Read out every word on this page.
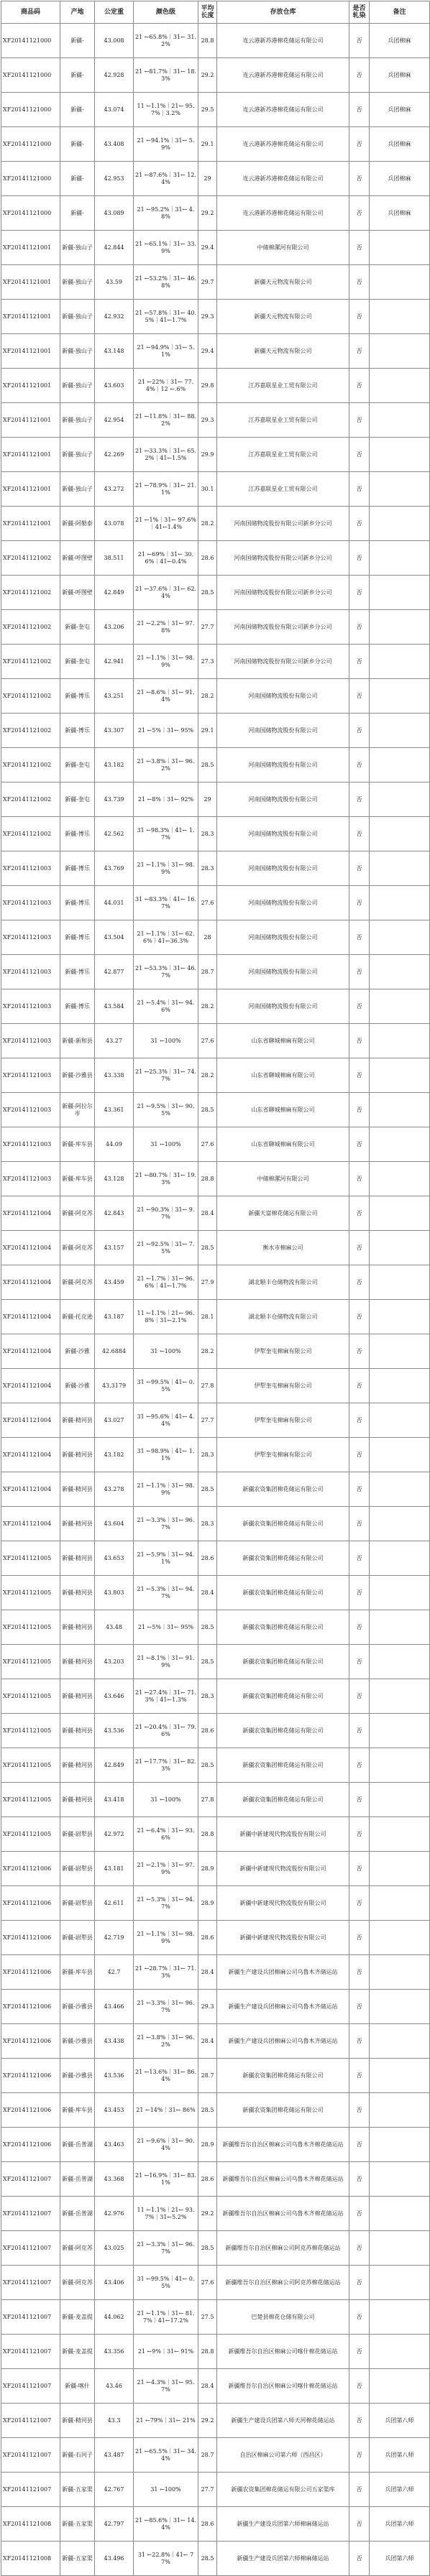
商品码	产地	公定重	颜色级	平均长度	存放仓库	是否轧染	备注
XF20141121000	新疆-	43.008	21 ←65.8%｜31← 31.2%	28.8	连云港新苏港棉花储运有限公司	否	兵团棉麻
XF20141121000	新疆-	42.928	21 ←81.7%｜31← 18.3%	29.2	连云港新苏港棉花储运有限公司	否	兵团棉麻
XF20141121000	新疆-	43.074	11 ←1.1%｜21← 95.7%｜3.2%	29.5	连云港新苏港棉花储运有限公司	否	兵团棉麻
XF20141121000	新疆-	43.408	21 ←94.1%｜31← 5.9%	29.1	连云港新苏港棉花储运有限公司	否	兵团棉麻
XF20141121000	新疆-	42.953	21 ←87.6%｜31← 12.4%	29	连云港新苏港棉花储运有限公司	否	兵团棉麻
XF20141121000	新疆-	43.089	21 ←95.2%｜31← 4.8%	29.2	连云港新苏港棉花储运有限公司	否	兵团棉麻
XF20141121001	新疆-独山子	42.844	21 ←65.1%｜31← 33.9%	29.4	中储棉漯河有限公司	否	
XF20141121001	新疆-独山子	43.59	21 ←53.2%｜31← 46.8%	29.7	新疆天元物流有限公司	否	
XF20141121001	新疆-独山子	42.932	21 ←57.8%｜31← 40.5%｜41←1.7%	29.3	新疆天元物流有限公司	否	
XF20141121001	新疆-独山子	43.148	21 ←94.9%｜31← 5.1%	29.4	新疆天元物流有限公司	否	
XF20141121001	新疆-独山子	43.603	21 ←22%｜31← 77.4%｜12 ←.6%	29.8	江苏嘉联星业工贸有限公司	否	
XF20141121001	新疆-独山子	42.954	21 ←11.8%｜31← 88.2%	29.3	江苏嘉联星业工贸有限公司	否	
XF20141121001	新疆-独山子	42.269	21 ←33.3%｜31← 65.2%｜41←1.5%	29.9	江苏嘉联星业工贸有限公司	否	
XF20141121001	新疆-独山子	43.272	21 ←78.9%｜31← 21.1%	30.1	江苏嘉联星业工贸有限公司	否	
XF20141121001	新疆-阿勒泰	43.078	21 ←1%｜31← 97.6%｜41←1.4%	28.2	河南国储物流股份有限公司新乡分公司	否	
XF20141121002	新疆-呼图壁	38.511	21 ←69%｜31← 30.6%｜41←0.4%	28.6	河南国储物流股份有限公司新乡分公司	否	
XF20141121002	新疆-呼图壁	42.849	21 ←37.6%｜31← 62.4%	28.5	河南国储物流股份有限公司新乡分公司	否	
XF20141121002	新疆-奎屯	43.206	21 ←2.2%｜31← 97.8%	27.7	河南国储物流股份有限公司新乡分公司	否	
XF20141121002	新疆-奎屯	42.941	21 ←1.1%｜31← 98.9%	27.3	河南国储物流股份有限公司新乡分公司	否	
XF20141121002	新疆-博乐	43.251	21 ←8.6%｜31← 91.4%	28.2	河南国储物流股份有限公司	否	
XF20141121002	新疆-博乐	43.307	21 ←5%｜31← 95%	29.1	河南国储物流股份有限公司	否	
XF20141121002	新疆-奎屯	43.182	21 ←3.8%｜31← 96.2%	28.5	河南国储物流股份有限公司	否	
XF20141121002	新疆-奎屯	43.739	21 ←8%｜31← 92%	29	河南国储物流股份有限公司	否	
XF20141121002	新疆-博乐	42.562	31 ←98.3%｜41← 1.7%	28.3	河南国储物流股份有限公司	否	
XF20141121003	新疆-博乐	43.769	21 ←1.1%｜31← 98.9%	28.3	河南国储物流股份有限公司	否	
XF20141121003	新疆-博乐	44.031	31 ←83.3%｜41← 16.7%	27.6	河南国储物流股份有限公司	否	
XF20141121003	新疆-博乐	43.504	21 ←1.1%｜31← 62.6%｜41←36.3%	28	河南国储物流股份有限公司	否	
XF20141121003	新疆-博乐	42.877	21 ←53.3%｜31← 46.7%	28.7	河南国储物流股份有限公司	否	
XF20141121003	新疆-博乐	43.584	21 ←5.4%｜31← 94.6%	28.2	河南国储物流股份有限公司	否	
XF20141121003	新疆-新和县	43.27	31 ←100%	27.6	山东省聊城棉麻有限公司	否	
XF20141121003	新疆-沙雅县	43.338	21 ←25.3%｜31← 74.7%	28.2	山东省聊城棉麻有限公司	否	
XF20141121003	新疆-阿拉尔市	43.361	21 ←9.5%｜31← 90.5%	28.5	山东省聊城棉麻有限公司	否	
XF20141121003	新疆-库车县	44.09	31 ←100%	27.6	山东省聊城棉麻有限公司	否	
XF20141121003	新疆-库车县	43.128	21 ←80.7%｜31← 19.3%	28.8	中储棉漯河有限公司	否	
XF20141121004	新疆-阿克苏	42.843	21 ←90.3%｜31← 9.7%	28.4	新疆天富棉花储运有限公司	否	
XF20141121004	新疆-阿克苏	43.157	21 ←92.5%｜31← 7.5%	28.5	衡水市棉麻公司	否	
XF20141121004	新疆-阿克苏	43.459	21 ←1.7%｜31← 96.6%｜41←1.7%	27.9	湖北顺丰仓储物流有限公司	否	
XF20141121004	新疆-托克逊	43.187	11 ←1.1%｜21← 96.8%｜31←2.1%	28.1	湖北顺丰仓储物流有限公司	否	
XF20141121004	新疆-沙雅	42.6884	31 ←100%	28.2	伊犁奎屯棉麻有限公司	否	
XF20141121004	新疆-沙雅	43.3179	31 ←99.5%｜41← 0.5%	27.8	伊犁奎屯棉麻有限公司	否	
XF20141121004	新疆-精河县	43.027	31 ←95.6%｜41← 4.4%	27.7	伊犁奎屯棉麻有限公司	否	
XF20141121004	新疆-精河县	43.182	31 ←98.9%｜41← 1.1%	28.3	伊犁奎屯棉麻有限公司	否	
XF20141121004	新疆-精河县	43.278	21 ←1.1%｜31← 98.9%	28.5	新疆农资集团棉花储运有限公司	否	
XF20141121004	新疆-精河县	43.604	21 ←3.3%｜31← 96.7%	28.3	新疆农资集团棉花储运有限公司	否	
XF20141121005	新疆-精河县	43.653	21 ←5.9%｜31← 94.1%	28.6	新疆农资集团棉花储运有限公司	否	
XF20141121005	新疆-精河县	43.803	21 ←5.3%｜31← 94.7%	28.4	新疆农资集团棉花储运有限公司	否	
XF20141121005	新疆-精河县	43.48	21 ←5%｜31← 95%	28.5	新疆农资集团棉花储运有限公司	否	
XF20141121005	新疆-精河县	43.203	21 ←8.1%｜31← 91.9%	28.5	新疆农资集团棉花储运有限公司	否	
XF20141121005	新疆-精河县	43.646	21 ←27.4%｜31← 71.3%｜41←1.3%	28.3	新疆农资集团棉花储运有限公司	否	
XF20141121005	新疆-精河县	43.536	21 ←20.4%｜31← 79.6%	28.6	新疆农资集团棉花储运有限公司	否	
XF20141121005	新疆-精河县	42.849	21 ←17.7%｜31← 82.3%	28.5	新疆农资集团棉花储运有限公司	否	
XF20141121005	新疆-精河县	43.418	31 ←100%	27.8	新疆农资集团棉花储运有限公司	否	
XF20141121005	新疆-尉犁县	42.972	21 ←6.4%｜31← 93.6%	28.8	新疆中新建现代物流股份有限公司	否	
XF20141121006	新疆-尉犁县	43.181	21 ←2.1%｜31← 97.9%	28.9	新疆中新建现代物流股份有限公司	否	
XF20141121006	新疆-尉犁县	42.611	21 ←5.3%｜31← 94.7%	28.9	新疆中新建现代物流股份有限公司	否	
XF20141121006	新疆-尉犁县	42.719	21 ←1.1%｜31← 98.9%	28.6	新疆中新建现代物流股份有限公司	否	
XF20141121006	新疆-库车县	42.7	21 ←28.7%｜31← 71.3%	28.4	新疆生产建设兵团棉麻公司乌鲁木齐储运站	否	
XF20141121006	新疆-沙雅县	43.466	21 ←3.3%｜31← 96.7%	29.3	新疆生产建设兵团棉麻公司乌鲁木齐储运站	否	
XF20141121006	新疆-沙雅县	43.438	21 ←3.8%｜31← 96.2%	28.4	新疆生产建设兵团棉麻公司乌鲁木齐储运站	否	
XF20141121006	新疆-沙雅县	43.536	21 ←13.6%｜31← 86.4%	28.7	新疆农资集团棉花储运有限公司	否	
XF20141121006	新疆-库车县	43.453	21 ←14%｜31← 86%	28.5	新疆农资集团棉花储运有限公司	否	
XF20141121006	新疆-岳普湖	43.463	21 ←9.6%｜31← 90.4%	28.9	新疆维吾尔自治区棉麻公司乌鲁木齐棉花储运站	否	
XF20141121007	新疆-岳普湖	43.368	21 ←16.9%｜31← 83.1%	28.6	新疆维吾尔自治区棉麻公司乌鲁木齐棉花储运站	否	
XF20141121007	新疆-岳普湖	42.976	11 ←1.1%｜21← 93.7%｜31←5.2%	29.2	新疆维吾尔自治区棉麻公司乌鲁木齐棉花储运站	否	
XF20141121007	新疆-阿克苏	43.025	21 ←3.3%｜31← 96.7%	28.5	新疆维吾尔自治区棉麻公司阿克苏棉花储运站	否	
XF20141121007	新疆-阿克苏	43.406	31 ←99.5%｜41← 0.5%	27.6	新疆维吾尔自治区棉麻公司阿克苏棉花储运站	否	
XF20141121007	新疆-麦盖提	44.062	21 ←1.1%｜31← 81.7%｜41←17.2%	27.5	巴楚县棉花仓储有限公司	否	
XF20141121007	新疆-麦盖提	43.356	21 ←9%｜31← 91%	28.8	新疆维吾尔自治区棉麻公司喀什棉花储运站	否	
XF20141121007	新疆-喀什	43.46	21 ←4.3%｜31← 95.7%	28.4	新疆维吾尔自治区棉麻公司喀什棉花储运站	否	
XF20141121007	新疆-精河县	43.3	21 ←79%｜31← 21%	29.2	新疆生产建设兵团第八师天河棉花储运站	否	兵团第八师
XF20141121007	新疆-石河子	43.487	21 ←65.5%｜31← 34.4%	28.7	自治区棉麻公司第六师（西昌区）	否	兵团第八师
XF20141121007	新疆-五家渠	42.767	31 ←100%	27.7	新疆农资集团棉花储运有限公司五家渠库	否	兵团第六师
XF20141121008	新疆-五家渠	42.797	21 ←85.6%｜31← 14.4%	28.6	新疆生产建设兵团第六师棉麻储运站	否	兵团第六师
XF20141121008	新疆-五家渠	43.496	31 ←22.8%｜41← 77%	28.5	新疆生产建设兵团第六师棉麻储运站	否	兵团第六师
